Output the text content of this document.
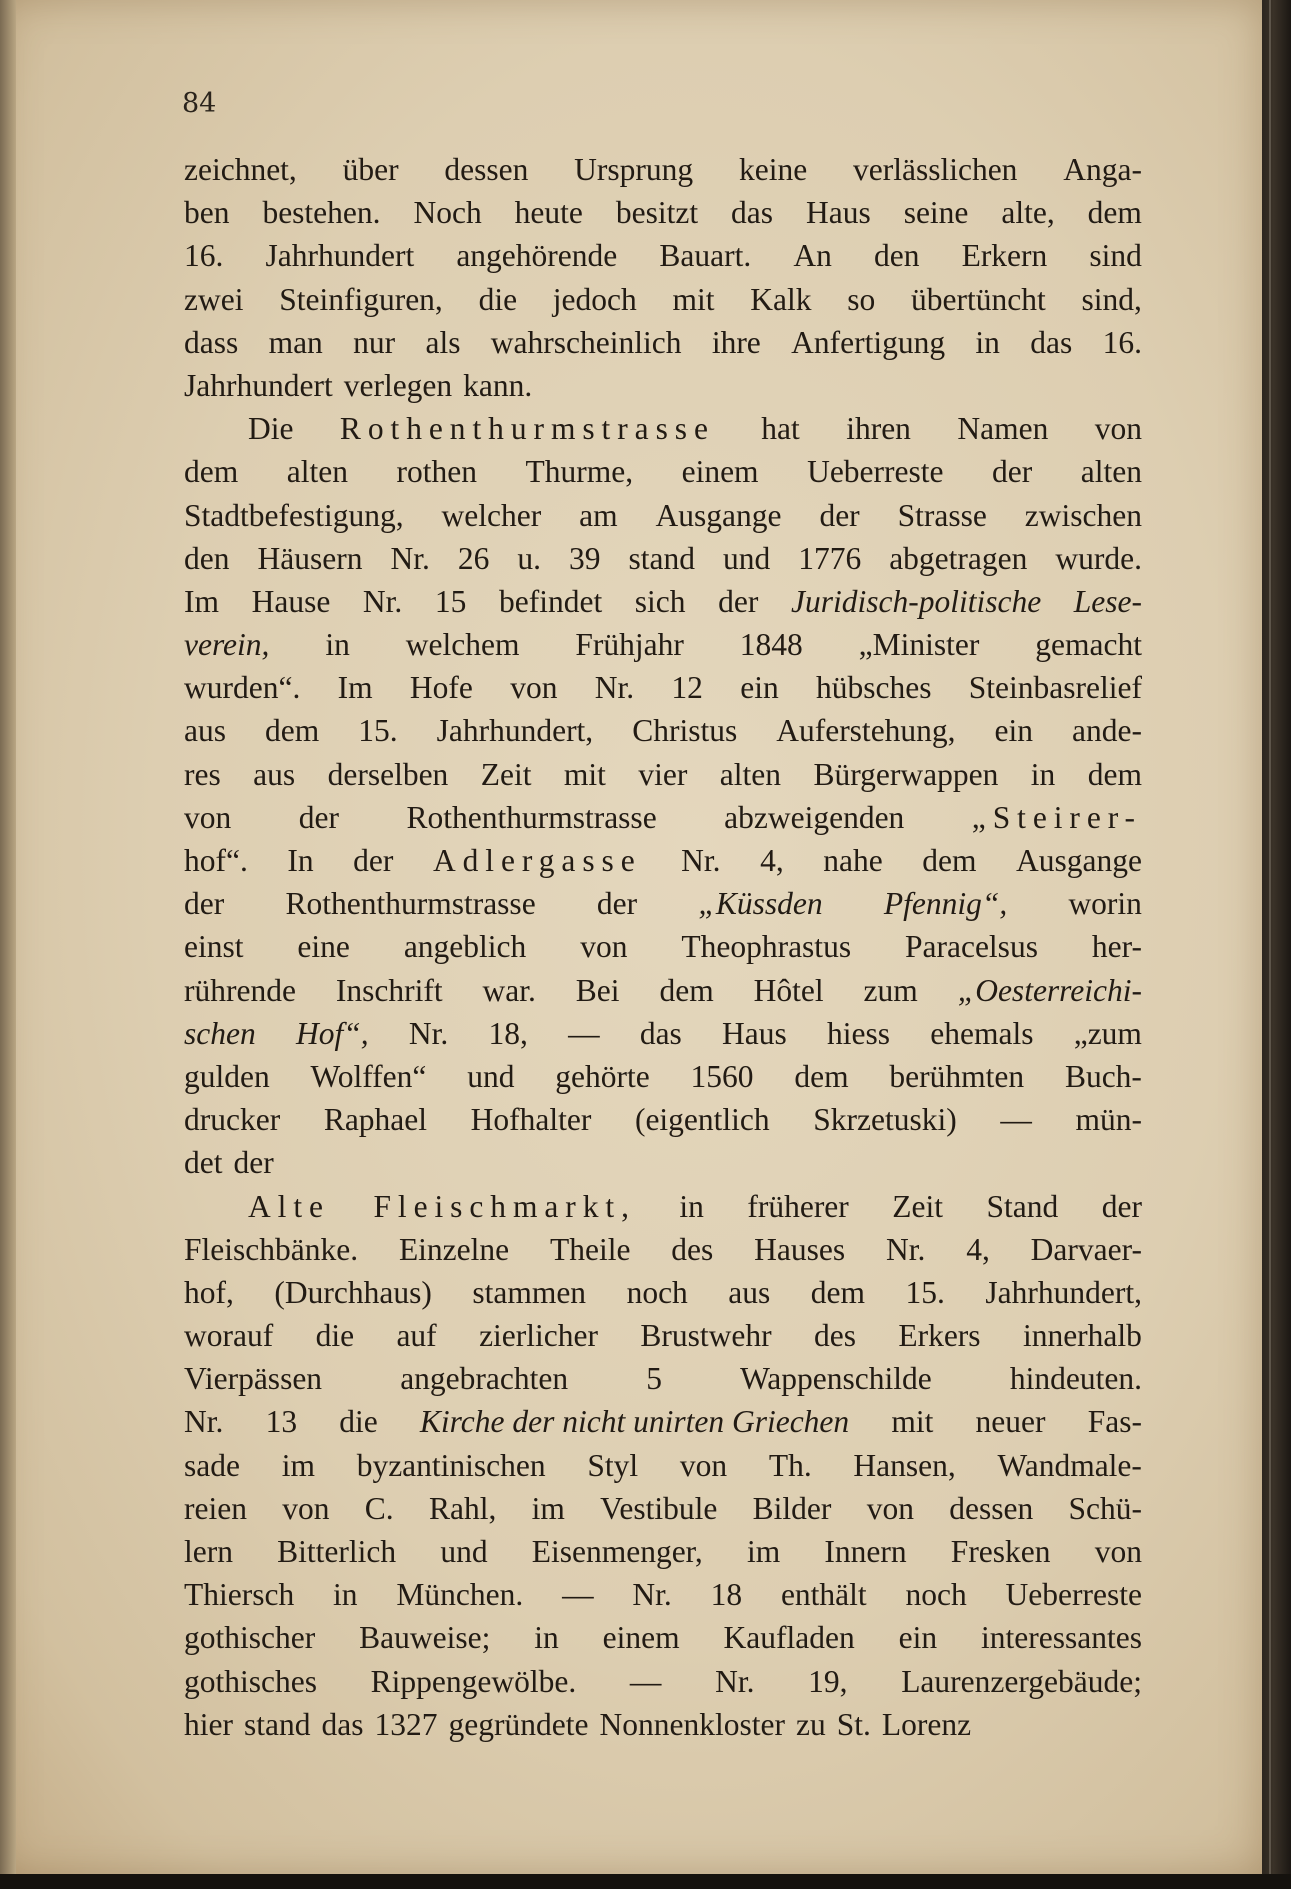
84
zeichnet, über dessen Ursprung keine verlässlichen Anga-
ben bestehen. Noch heute besitzt das Haus seine alte, dem
16. Jahrhundert angehörende Bauart. An den Erkern sind
zwei Steinfiguren, die jedoch mit Kalk so übertüncht sind,
dass man nur als wahrscheinlich ihre Anfertigung in das 16.
Jahrhundert verlegen kann.
Die Rothenthurmstrasse hat ihren Namen von
dem alten rothen Thurme, einem Ueberreste der alten
Stadtbefestigung, welcher am Ausgange der Strasse zwischen
den Häusern Nr. 26 u. 39 stand und 1776 abgetragen wurde.
Im Hause Nr. 15 befindet sich der Juridisch-politische Lese-
verein, in welchem Frühjahr 1848 „Minister gemacht
wurden“. Im Hofe von Nr. 12 ein hübsches Steinbasrelief
aus dem 15. Jahrhundert, Christus Auferstehung, ein ande-
res aus derselben Zeit mit vier alten Bürgerwappen in dem
von der Rothenthurmstrasse abzweigenden „Steirer-
hof“. In der Adlergasse Nr. 4, nahe dem Ausgange
der Rothenthurmstrasse der „Küssden Pfennig“, worin
einst eine angeblich von Theophrastus Paracelsus her-
rührende Inschrift war. Bei dem Hôtel zum „Oesterreichi-
schen Hof“, Nr. 18, — das Haus hiess ehemals „zum
gulden Wolffen“ und gehörte 1560 dem berühmten Buch-
drucker Raphael Hofhalter (eigentlich Skrzetuski) — mün-
det der
Alte Fleischmarkt, in früherer Zeit Stand der
Fleischbänke. Einzelne Theile des Hauses Nr. 4, Darvaer-
hof, (Durchhaus) stammen noch aus dem 15. Jahrhundert,
worauf die auf zierlicher Brustwehr des Erkers innerhalb
Vierpässen angebrachten 5 Wappenschilde hindeuten.
Nr. 13 die Kirche der nicht unirten Griechen mit neuer Fas-
sade im byzantinischen Styl von Th. Hansen, Wandmale-
reien von C. Rahl, im Vestibule Bilder von dessen Schü-
lern Bitterlich und Eisenmenger, im Innern Fresken von
Thiersch in München. — Nr. 18 enthält noch Ueberreste
gothischer Bauweise; in einem Kaufladen ein interessantes
gothisches Rippengewölbe. — Nr. 19, Laurenzergebäude;
hier stand das 1327 gegründete Nonnenkloster zu St. Lorenz
